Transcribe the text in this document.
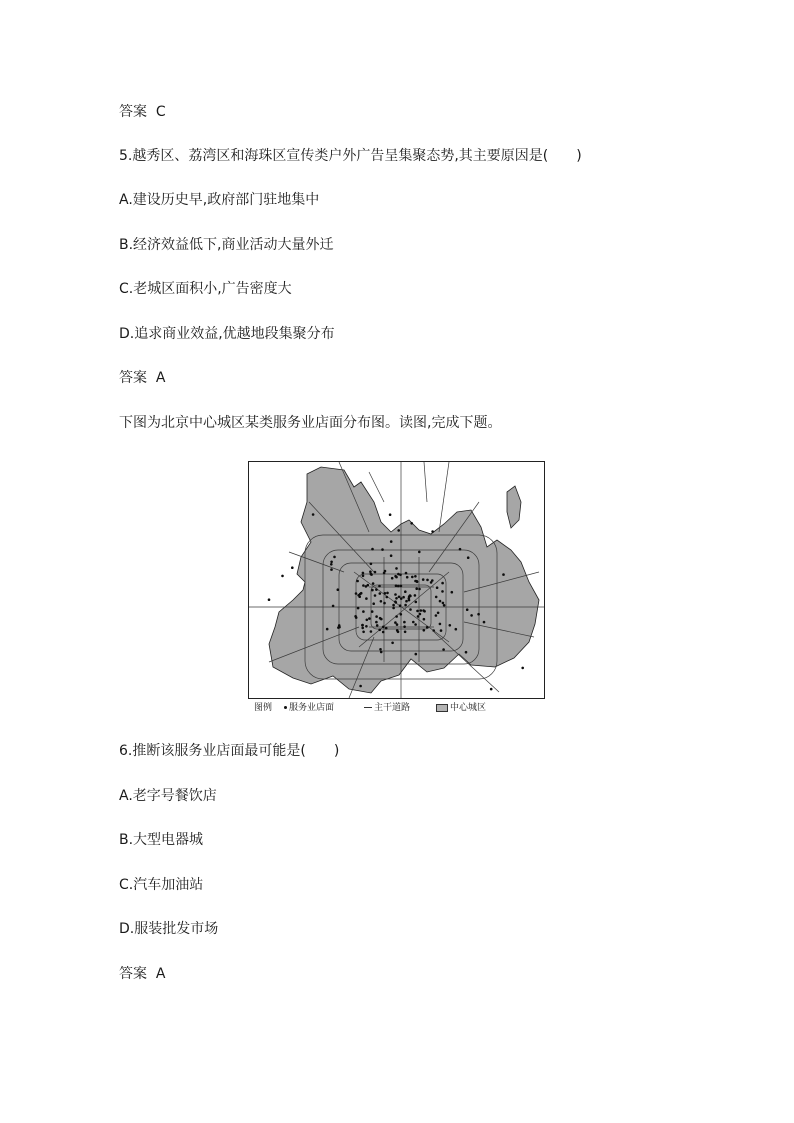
答案 C
5.越秀区、荔湾区和海珠区宣传类户外广告呈集聚态势,其主要原因是(　　)
A.建设历史早,政府部门驻地集中
B.经济效益低下,商业活动大量外迁
C.老城区面积小,广告密度大
D.追求商业效益,优越地段集聚分布
答案 A
下图为北京中心城区某类服务业店面分布图。读图,完成下题。
图例	服务业店面	主干道路	中心城区
6.推断该服务业店面最可能是(　　)
A.老字号餐饮店
B.大型电器城
C.汽车加油站
D.服装批发市场
答案 A
